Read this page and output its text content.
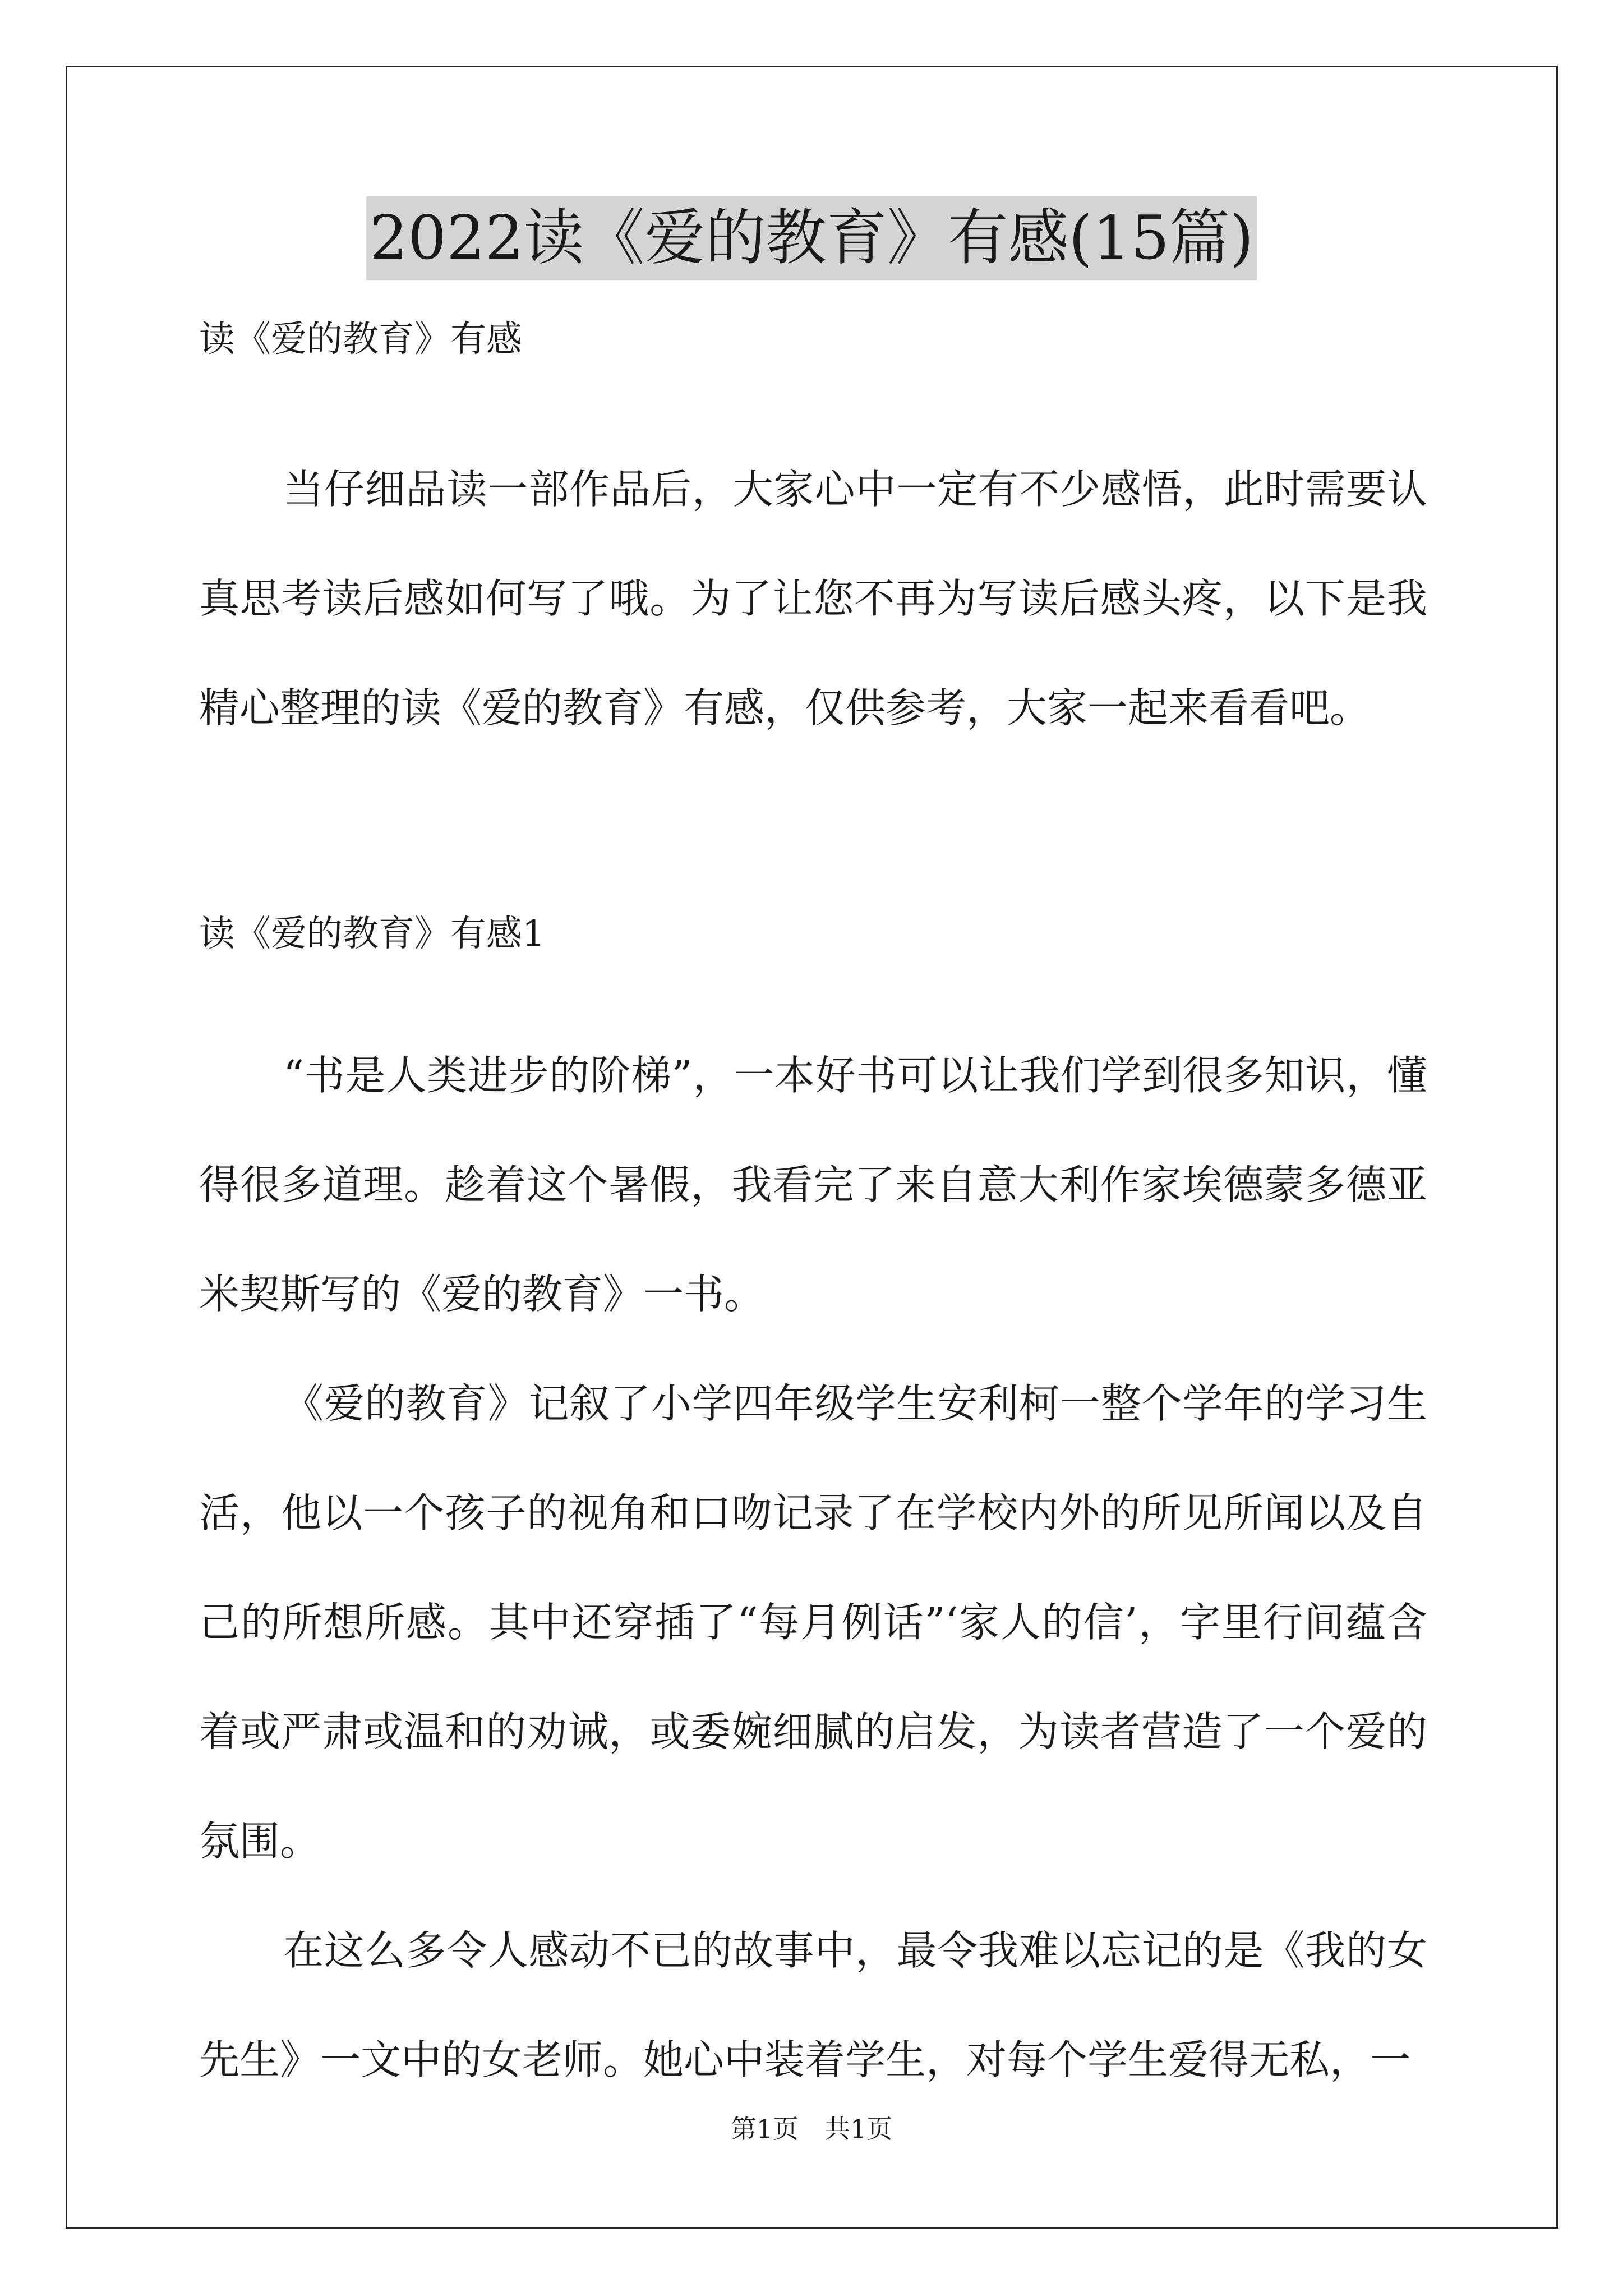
2022读《爱的教育》有感(15篇)
读《爱的教育》有感

当仔细品读一部作品后，大家心中一定有不少感悟，此时需要认真思考读后感如何写了哦。为了让您不再为写读后感头疼，以下是我精心整理的读《爱的教育》有感，仅供参考，大家一起来看看吧。

读《爱的教育》有感1

“书是人类进步的阶梯”，一本好书可以让我们学到很多知识，懂得很多道理。趁着这个暑假，我看完了来自意大利作家埃德蒙多德亚米契斯写的《爱的教育》一书。

《爱的教育》记叙了小学四年级学生安利柯一整个学年的学习生活，他以一个孩子的视角和口吻记录了在学校内外的所见所闻以及自己的所想所感。其中还穿插了“每月例话”‘家人的信’，字里行间蕴含着或严肃或温和的劝诫，或委婉细腻的启发，为读者营造了一个爱的氛围。

在这么多令人感动不已的故事中，最令我难以忘记的是《我的女先生》一文中的女老师。她心中装着学生，对每个学生爱得无私，一

第1页　共1页
